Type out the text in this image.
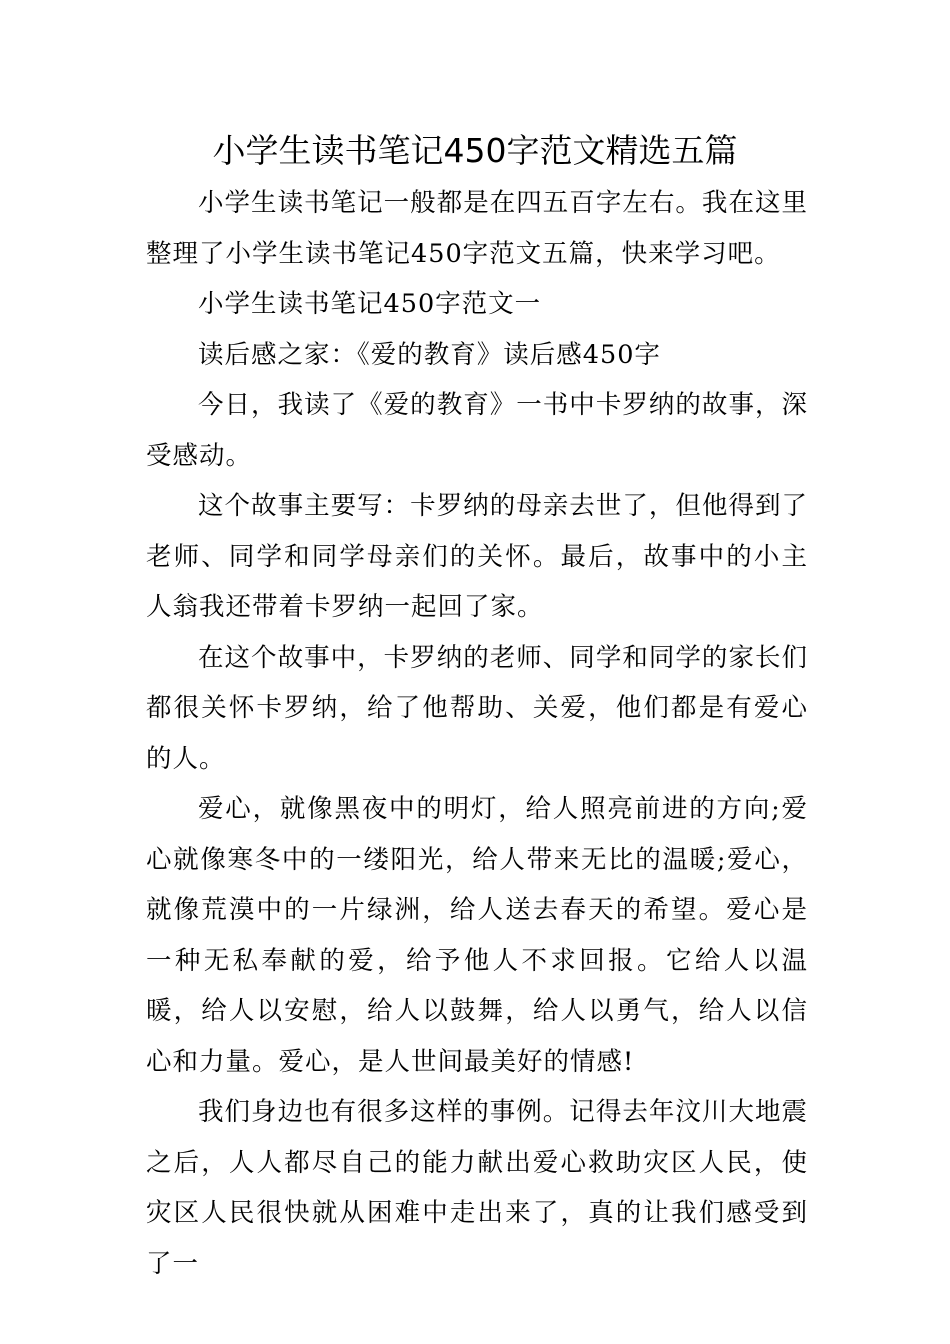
小学生读书笔记450字范文精选五篇

小学生读书笔记一般都是在四五百字左右。我在这里整理了小学生读书笔记450字范文五篇，快来学习吧。

小学生读书笔记450字范文一

读后感之家：《爱的教育》读后感450字

今日，我读了《爱的教育》一书中卡罗纳的故事，深受感动。

这个故事主要写：卡罗纳的母亲去世了，但他得到了老师、同学和同学母亲们的关怀。最后，故事中的小主人翁我还带着卡罗纳一起回了家。

在这个故事中，卡罗纳的老师、同学和同学的家长们都很关怀卡罗纳，给了他帮助、关爱，他们都是有爱心的人。

爱心，就像黑夜中的明灯，给人照亮前进的方向;爱心就像寒冬中的一缕阳光，给人带来无比的温暖;爱心，就像荒漠中的一片绿洲，给人送去春天的希望。爱心是一种无私奉献的爱，给予他人不求回报。它给人以温暖，给人以安慰，给人以鼓舞，给人以勇气，给人以信心和力量。爱心，是人世间最美好的情感!

我们身边也有很多这样的事例。记得去年汶川大地震之后，人人都尽自己的能力献出爱心救助灾区人民，使灾区人民很快就从困难中走出来了，真的让我们感受到了一
